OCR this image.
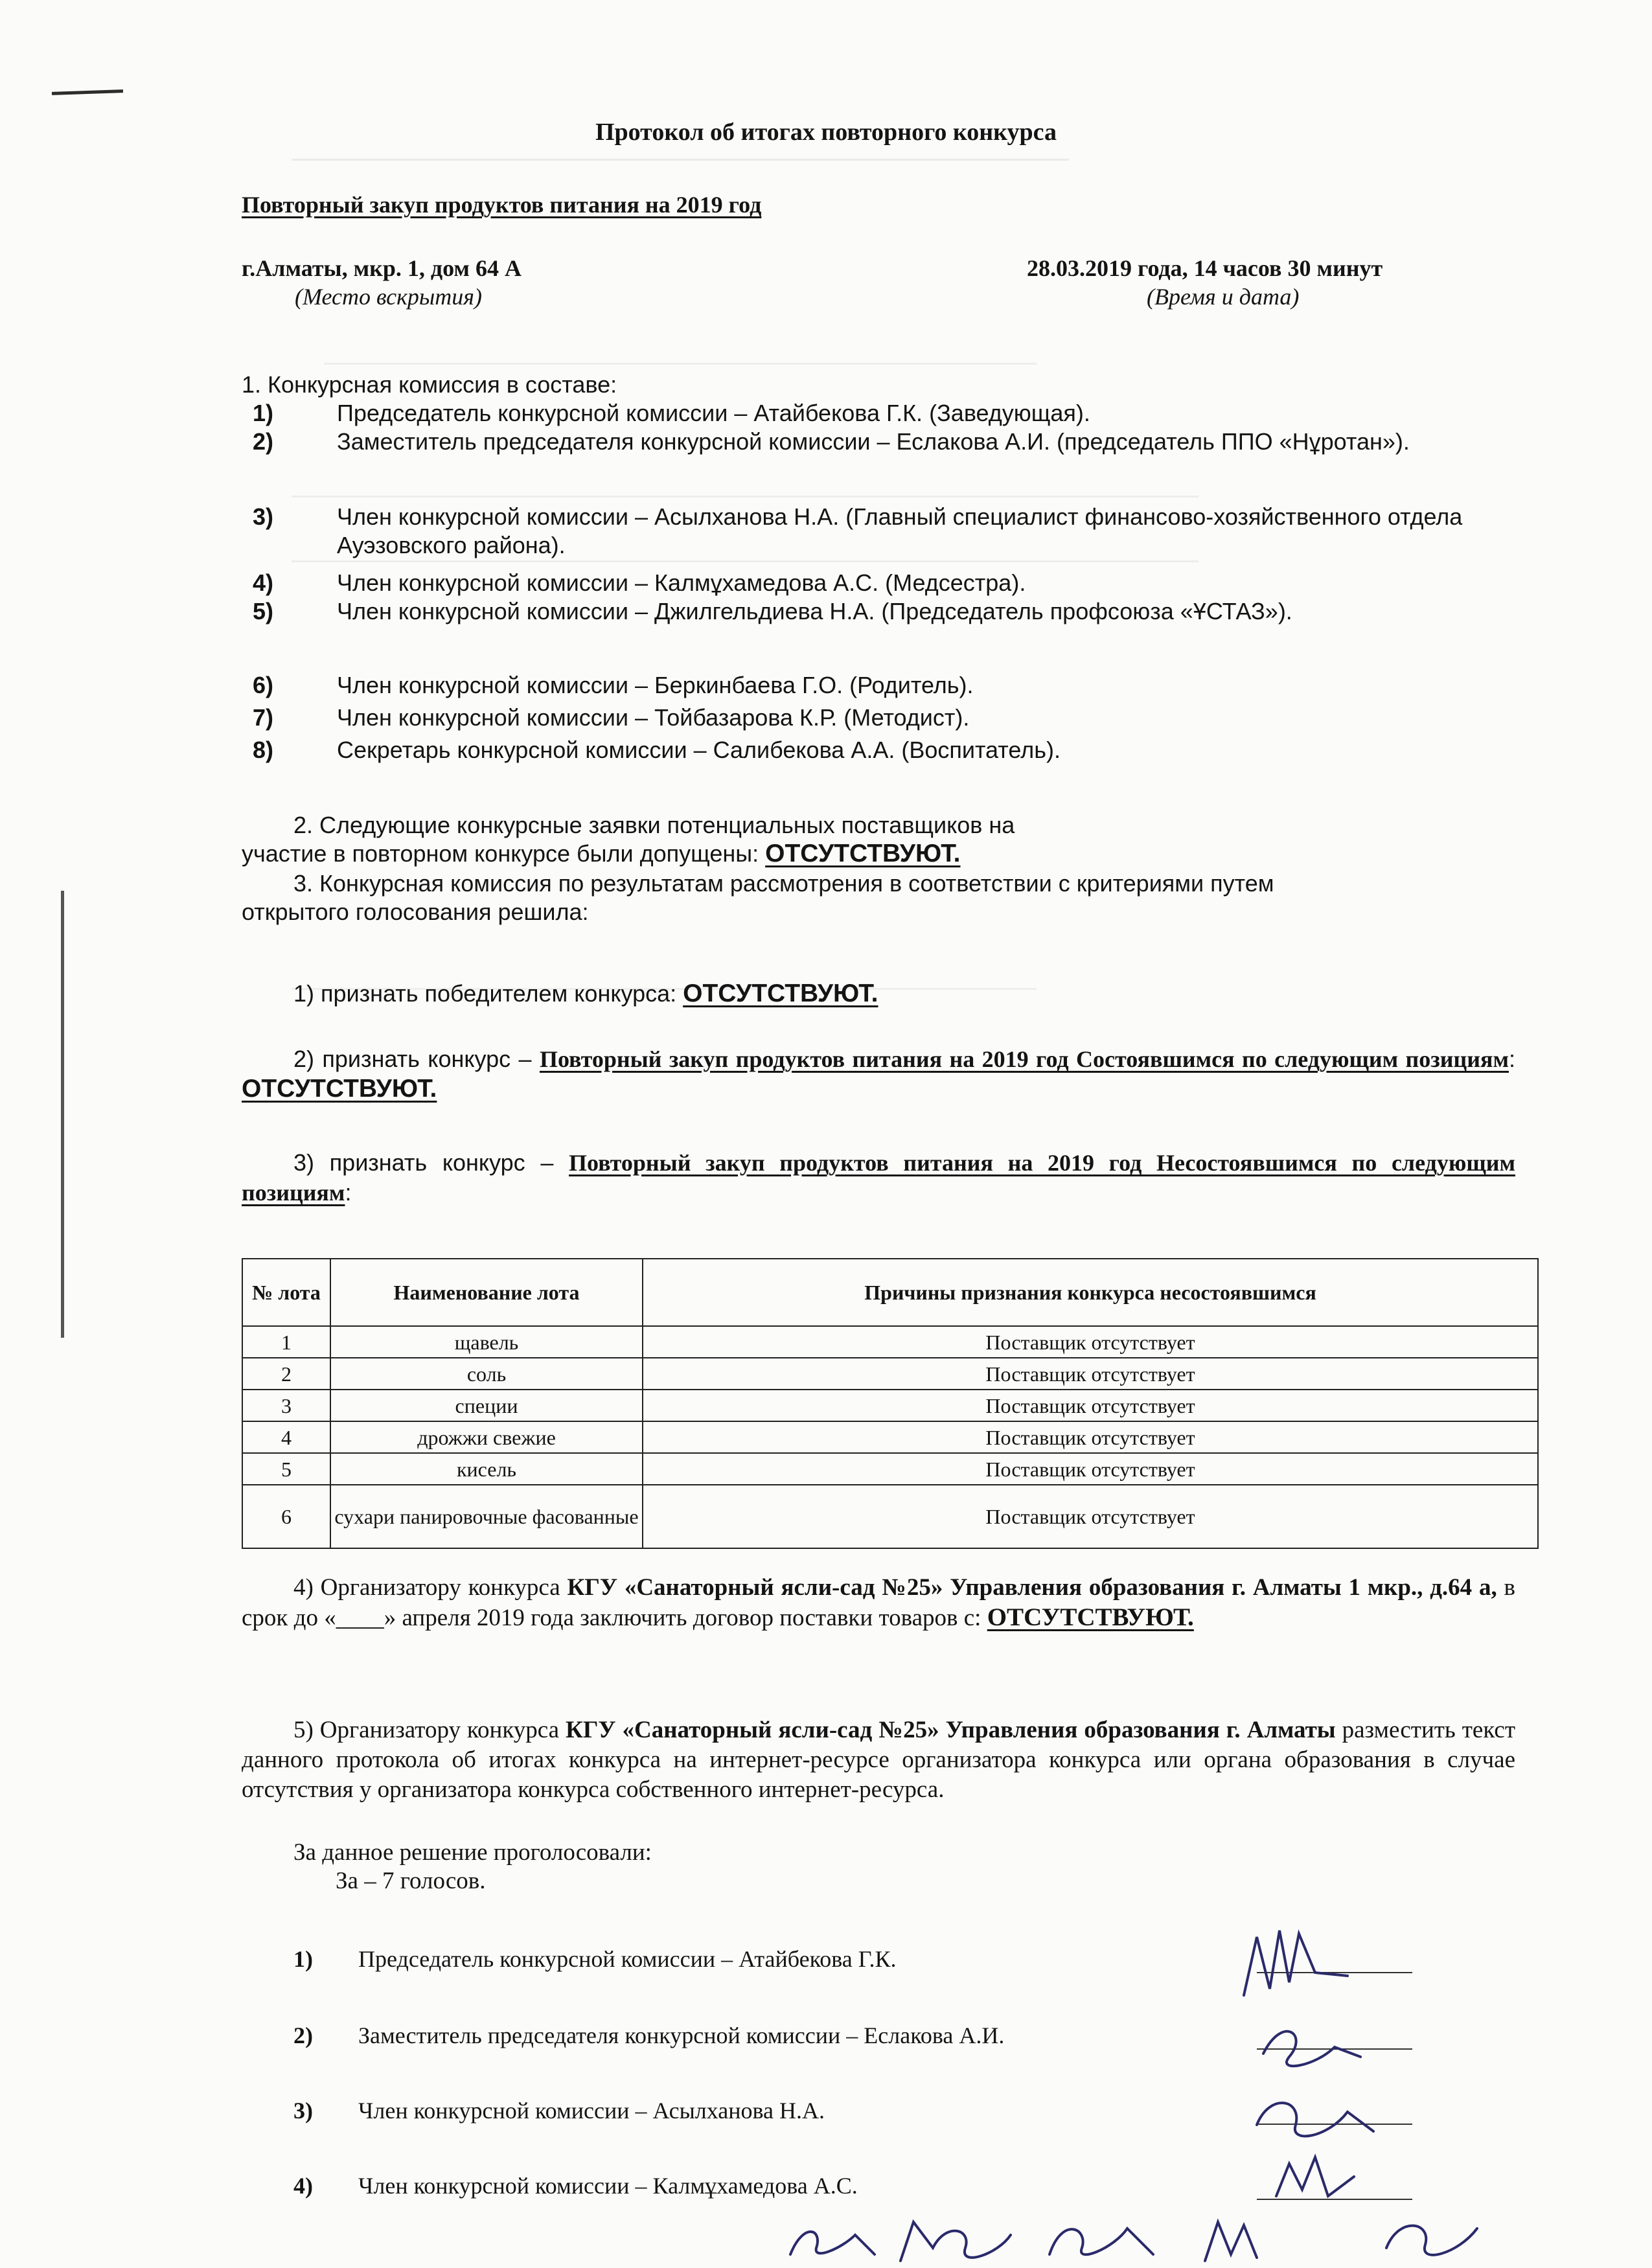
Протокол об итогах повторного конкурса
Повторный закуп продуктов питания на 2019 год
г.Алматы, мкр. 1, дом 64 А	28.03.2019 года, 14 часов 30 минут
(Место вскрытия)	(Время и дата)
1. Конкурсная комиссия в составе:
1)	Председатель конкурсной комиссии – Атайбекова Г.К. (Заведующая).
2)	Заместитель председателя конкурсной комиссии – Еслакова А.И. (председатель ППО «Нұротан»).
3)	Член конкурсной комиссии – Асылханова Н.А. (Главный специалист финансово-хозяйственного отдела Ауэзовского района).
4)	Член конкурсной комиссии – Калмұхамедова А.С. (Медсестра).
5)	Член конкурсной комиссии – Джилгельдиева Н.А. (Председатель профсоюза «ҰСТАЗ»).
6)	Член конкурсной комиссии – Беркинбаева Г.О. (Родитель).
7)	Член конкурсной комиссии – Тойбазарова К.Р. (Методист).
8)	Секретарь конкурсной комиссии – Салибекова А.А. (Воспитатель).
2. Следующие конкурсные заявки потенциальных поставщиков на
участие в повторном конкурсе были допущены: ОТСУТСТВУЮТ.
3. Конкурсная комиссия по результатам рассмотрения в соответствии с критериями путем
открытого голосования решила:
1) признать победителем конкурса: ОТСУТСТВУЮТ.
2) признать конкурс – Повторный закуп продуктов питания на 2019 год Состоявшимся по следующим позициям: ОТСУТСТВУЮТ.
3) признать конкурс – Повторный закуп продуктов питания на 2019 год Несостоявшимся по следующим позициям:
№ лота	Наименование лота	Причины признания конкурса несостоявшимся
1	щавель	Поставщик отсутствует
2	соль	Поставщик отсутствует
3	специи	Поставщик отсутствует
4	дрожжи свежие	Поставщик отсутствует
5	кисель	Поставщик отсутствует
6	сухари панировочные фасованные	Поставщик отсутствует
4) Организатору конкурса КГУ «Санаторный ясли-сад №25» Управления образования г. Алматы 1 мкр., д.64 а, в срок до «____» апреля 2019 года заключить договор поставки товаров с: ОТСУТСТВУЮТ.
5) Организатору конкурса КГУ «Санаторный ясли-сад №25» Управления образования г. Алматы разместить текст данного протокола об итогах конкурса на интернет-ресурсе организатора конкурса или органа образования в случае отсутствия у организатора конкурса собственного интернет-ресурса.
За данное решение проголосовали:
За – 7 голосов.
1) Председатель конкурсной комиссии – Атайбекова Г.К.
2) Заместитель председателя конкурсной комиссии – Еслакова А.И.
3) Член конкурсной комиссии – Асылханова Н.А.
4) Член конкурсной комиссии – Калмұхамедова А.С.
